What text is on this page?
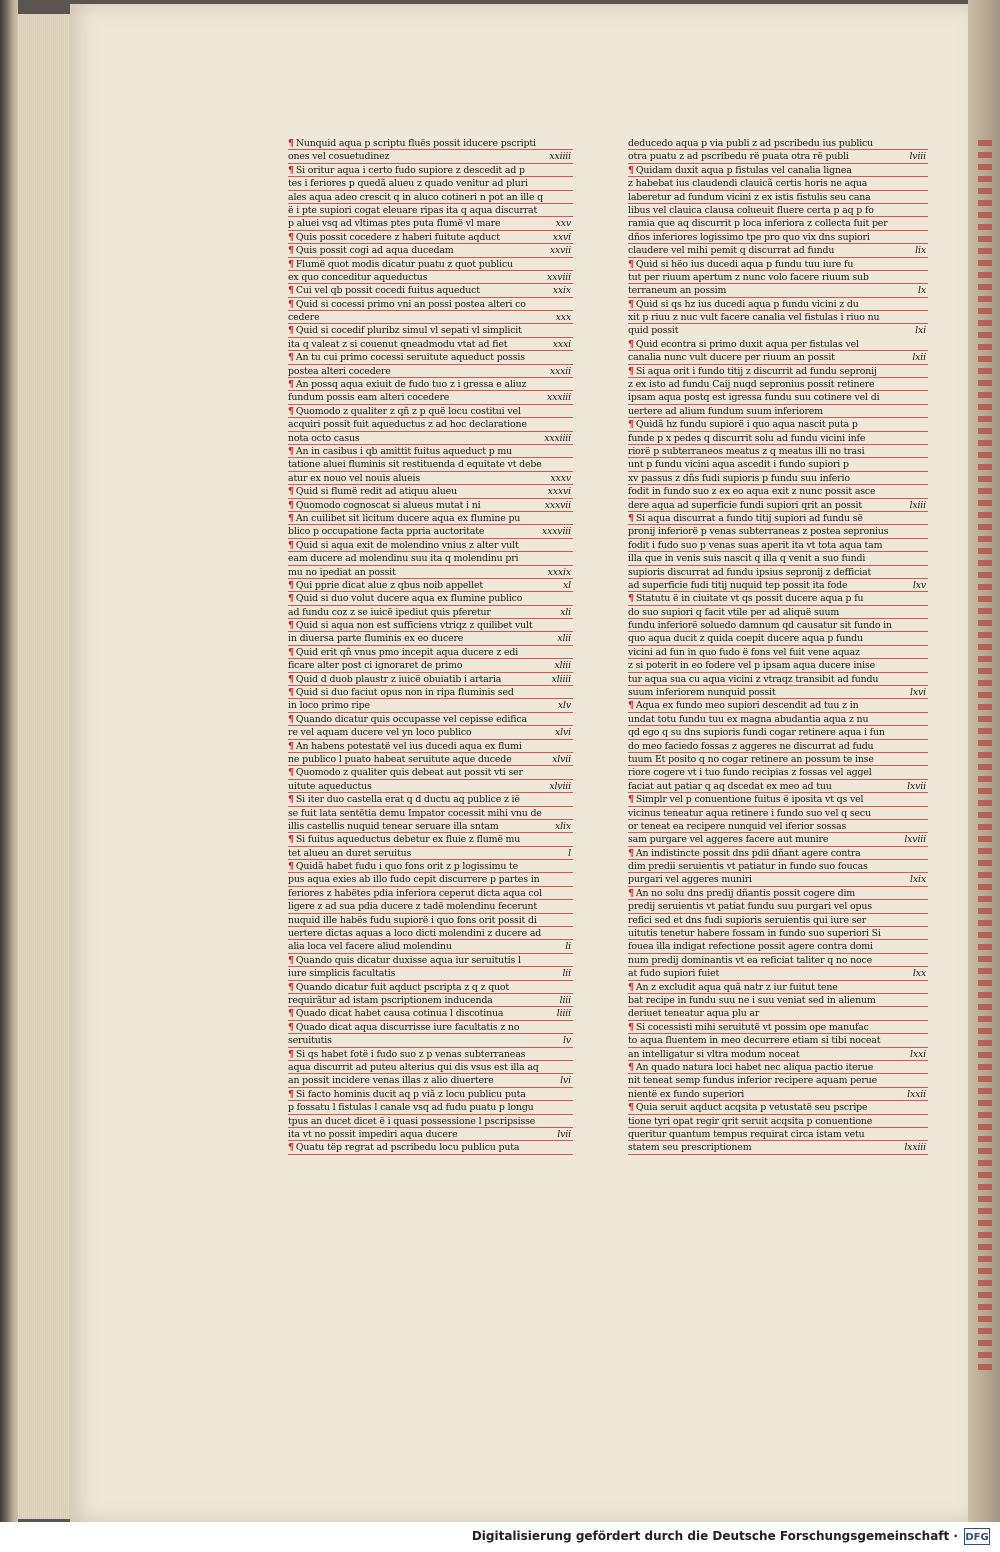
¶ Nunquid aqua p scriptu fluës possit iducere pscripti
ones vel cosuetudinez	xxiiii
¶ Si oritur aqua i certo fudo supiore z descedit ad p
tes i feriores p quedã alueu z quado venitur ad pluri
ales aqua adeo crescit q in aluco cotineri n pot an ille q
ë i pte supiori cogat eleuare ripas ita q aqua discurrat
p aluei vsq ad vltimas ptes puta flumë vl mare	xxv
¶ Quis possit cocedere z haberi fuitute aqduct	xxvi
¶ Quis possit cogi ad aqua ducedam	xxvii
¶ Flumë quot modis dicatur puatu z quot publicu
ex quo conceditur aqueductus	xxviii
¶ Cui vel qb possit cocedi fuitus aqueduct	xxix
¶ Quid si cocessi primo vni an possi postea alteri co
cedere	xxx
¶ Quid si cocedif pluribz simul vl sepati vl simplicit
ita q valeat z si couenut qneadmodu vtat ad fiet	xxxi
¶ An tu cui primo cocessi seruitute aqueduct possis
postea alteri cocedere	xxxii
¶ An possq aqua exiuit de fudo tuo z i gressa e aliuz
fundum possis eam alteri cocedere	xxxiii
¶ Quomodo z qualiter z qñ z p quë locu costitui vel
acquiri possit fuit aqueductus z ad hoc declaratione
nota octo casus	xxxiiii
¶ An in casibus i qb amittit fuitus aqueduct p mu
tatione aluei fluminis sit restituenda d equitate vt debe
atur ex nouo vel nouis alueis	xxxv
¶ Quid si flumë redit ad atiquu alueu	xxxvi
¶ Quomodo cognoscat si alueus mutat i ni	xxxvii
¶ An cuilibet sit licitum ducere aqua ex flumine pu
blico p occupatione facta ppria auctoritate	xxxviii
¶ Quid si aqua exit de molendino vnius z alter vult
eam ducere ad molendinu suu ita q molendinu pri
mu no ipediat an possit	xxxix
¶ Qui pprie dicat alue z qbus noib appellet	xl
¶ Quid si duo volut ducere aqua ex flumine publico
ad fundu coz z se iuicë ipediut quis pferetur	xli
¶ Quid si aqua non est sufficiens vtriqz z quilibet vult
in diuersa parte fluminis ex eo ducere	xlii
¶ Quid erit qñ vnus pmo incepit aqua ducere z edi
ficare alter post ci ignoraret de primo	xliii
¶ Quid d duob plaustr z iuicë obuiatib i artaria	xliiii
¶ Quid si duo faciut opus non in ripa fluminis sed
in loco primo ripe	xlv
¶ Quando dicatur quis occupasse vel cepisse edifica
re vel aquam ducere vel yn loco publico	xlvi
¶ An habens potestatë vel ius ducedi aqua ex flumi
ne publico l puato habeat seruitute aque ducede	xlvii
¶ Quomodo z qualiter quis debeat aut possit vti ser
uitute aqueductus	xlviii
¶ Si iter duo castella erat q d ductu aq publice z ië
se fuit lata sentëtia demu Impator cocessit mihi vnu de
illis castellis nuquid tenear seruare illa sntam	xlix
¶ Si fuitus aqueductus debetur ex fluie z flumë mu
tet alueu an duret seruitus	l
¶ Quidã habet fudu i quo fons orit z p logissimu te
pus aqua exies ab illo fudo cepit discurrere p partes in
feriores z habëtes pdia inferiora ceperut dicta aqua col
ligere z ad sua pdia ducere z tadë molendinu fecerunt
nuquid ille habës fudu supiorë i quo fons orit possit di
uertere dictas aquas a loco dicti molendini z ducere ad
alia loca vel facere aliud molendinu	li
¶ Quando quis dicatur duxisse aqua iur seruitutis l
iure simplicis facultatis	lii
¶ Quando dicatur fuit aqduct pscripta z q z quot
requirãtur ad istam pscriptionem inducenda	liii
¶ Quado dicat habet causa cotinua l discotinua	liiii
¶ Quado dicat aqua discurrisse iure facultatis z no
seruitutis	lv
¶ Si qs habet fotë i fudo suo z p venas subterraneas
aqua discurrit ad puteu alterius qui dis vsus est illa aq
an possit incidere venas illas z alio diuertere	lvi
¶ Si facto hominis ducit aq p viã z locu publicu puta
p fossatu l fistulas l canale vsq ad fudu puatu p longu
tpus an ducet dicet ë i quasi possessione l pscripsisse
ita vt no possit impediri aqua ducere	lvii
¶ Quatu tëp regrat ad pscribedu locu publicu puta
deducedo aqua p via publi z ad pscribedu ius publicu
otra puatu z ad pscribedu rë puata otra rë publi	lviii
¶ Quidam duxit aqua p fistulas vel canalia lignea
z habebat ius claudendi clauicã certis horis ne aqua
laberetur ad fundum vicini z ex istis fistulis seu cana
libus vel clauica clausa colueuit fluere certa p aq p fo
ramia que aq discurrit p loca inferiora z collecta fuit per
dños inferiores logissimo tpe pro quo vix dns supiori
claudere vel mihi pemit q discurrat ad fundu	lix
¶ Quid si hëo ius ducedi aqua p fundu tuu iure fu
tut per riuum apertum z nunc volo facere riuum sub
terraneum an possim	lx
¶ Quid si qs hz ius ducedi aqua p fundu vicini z du
xit p riuu z nuc vult facere canalia vel fistulas i riuo nu
quid possit	lxi
¶ Quid econtra si primo duxit aqua per fistulas vel
canalia nunc vult ducere per riuum an possit	lxii
¶ Si aqua orit i fundo titij z discurrit ad fundu sepronij
z ex isto ad fundu Caij nuqd sepronius possit retinere
ipsam aqua postq est igressa fundu suu cotinere vel di
uertere ad alium fundum suum inferiorem
¶ Quidã hz fundu supiorë i quo aqua nascit puta p
funde p x pedes q discurrit solu ad fundu vicini infe
riorë p subterraneos meatus z q meatus illi no trasi
unt p fundu vicini aqua ascedit i fundo supiori p
xv passus z dñs fudi supioris p fundu suu inferio
fodit in fundo suo z ex eo aqua exit z nunc possit asce
dere aqua ad superficie fundi supiori qrit an possit	lxiii
¶ Si aqua discurrat a fundo titij supiori ad fundu së
pronij inferiorë p venas subterraneas z postea sepronius
fodit i fudo suo p venas suas aperit ita vt tota aqua tam
illa que in venis suis nascit q illa q venit a suo fundi
supioris discurrat ad fundu ipsius sepronij z defficiat
ad superficie fudi titij nuquid tep possit ita fode	lxv
¶ Statutu ë in ciuitate vt qs possit ducere aqua p fu
do suo supiori q facit vtile per ad aliquë suum
fundu inferiorë soluedo damnum qd causatur sit fundo in
quo aqua ducit z quida coepit ducere aqua p fundu
vicini ad fun in quo fudo ë fons vel fuit vene aquaz
z si poterit in eo fodere vel p ipsam aqua ducere inise
tur aqua sua cu aqua vicini z vtraqz transibit ad fundu
suum inferiorem nunquid possit	lxvi
¶ Aqua ex fundo meo supiori descendit ad tuu z in
undat totu fundu tuu ex magna abudantia aqua z nu
qd ego q su dns supioris fundi cogar retinere aqua i fun
do meo faciedo fossas z aggeres ne discurrat ad fudu
tuum Et posito q no cogar retinere an possum te inse
riore cogere vt i tuo fundo recipias z fossas vel aggel
faciat aut patiar q aq dscedat ex meo ad tuu	lxvii
¶ Simplr vel p conuentione fuitus ë iposita vt qs vel
vicinus teneatur aqua retinere i fundo suo vel q secu
or teneat ea recipere nunquid vel iferior sossas
sam purgare vel aggeres facere aut munire	lxviii
¶ An indistincte possit dns pdii dñant agere contra
dim predii seruientis vt patiatur in fundo suo foucas
purgari vel aggeres muniri	lxix
¶ An no solu dns predij dñantis possit cogere dim
predij seruientis vt patiat fundu suu purgari vel opus
refici sed et dns fudi supioris seruientis qui iure ser
uitutis tenetur habere fossam in fundo suo superiori Si
fouea illa indigat refectione possit agere contra domi
num predij dominantis vt ea reficiat taliter q no noce
at fudo supiori fuiet	lxx
¶ An z excludit aqua quã natr z iur fuitut tene
bat recipe in fundu suu ne i suu veniat sed in alienum
deriuet teneatur aqua plu ar
¶ Si cocessisti mihi seruitutë vt possim ope manufac
to aqua fluentem in meo decurrere etiam si tibi noceat
an intelligatur si vltra modum noceat	lxxi
¶ An quado natura loci habet nec aliqua pactio iterue
nit teneat semp fundus inferior recipere aquam perue
nientë ex fundo superiori	lxxii
¶ Quia seruit aqduct acqsita p vetustatë seu pscripe
tione tyri opat regir qrit seruit acqsita p conuentione
queritur quantum tempus requirat circa istam vetu
statem seu prescriptionem	lxxiii
Digitalisierung gefördert durch die Deutsche Forschungsgemeinschaft · DFG
